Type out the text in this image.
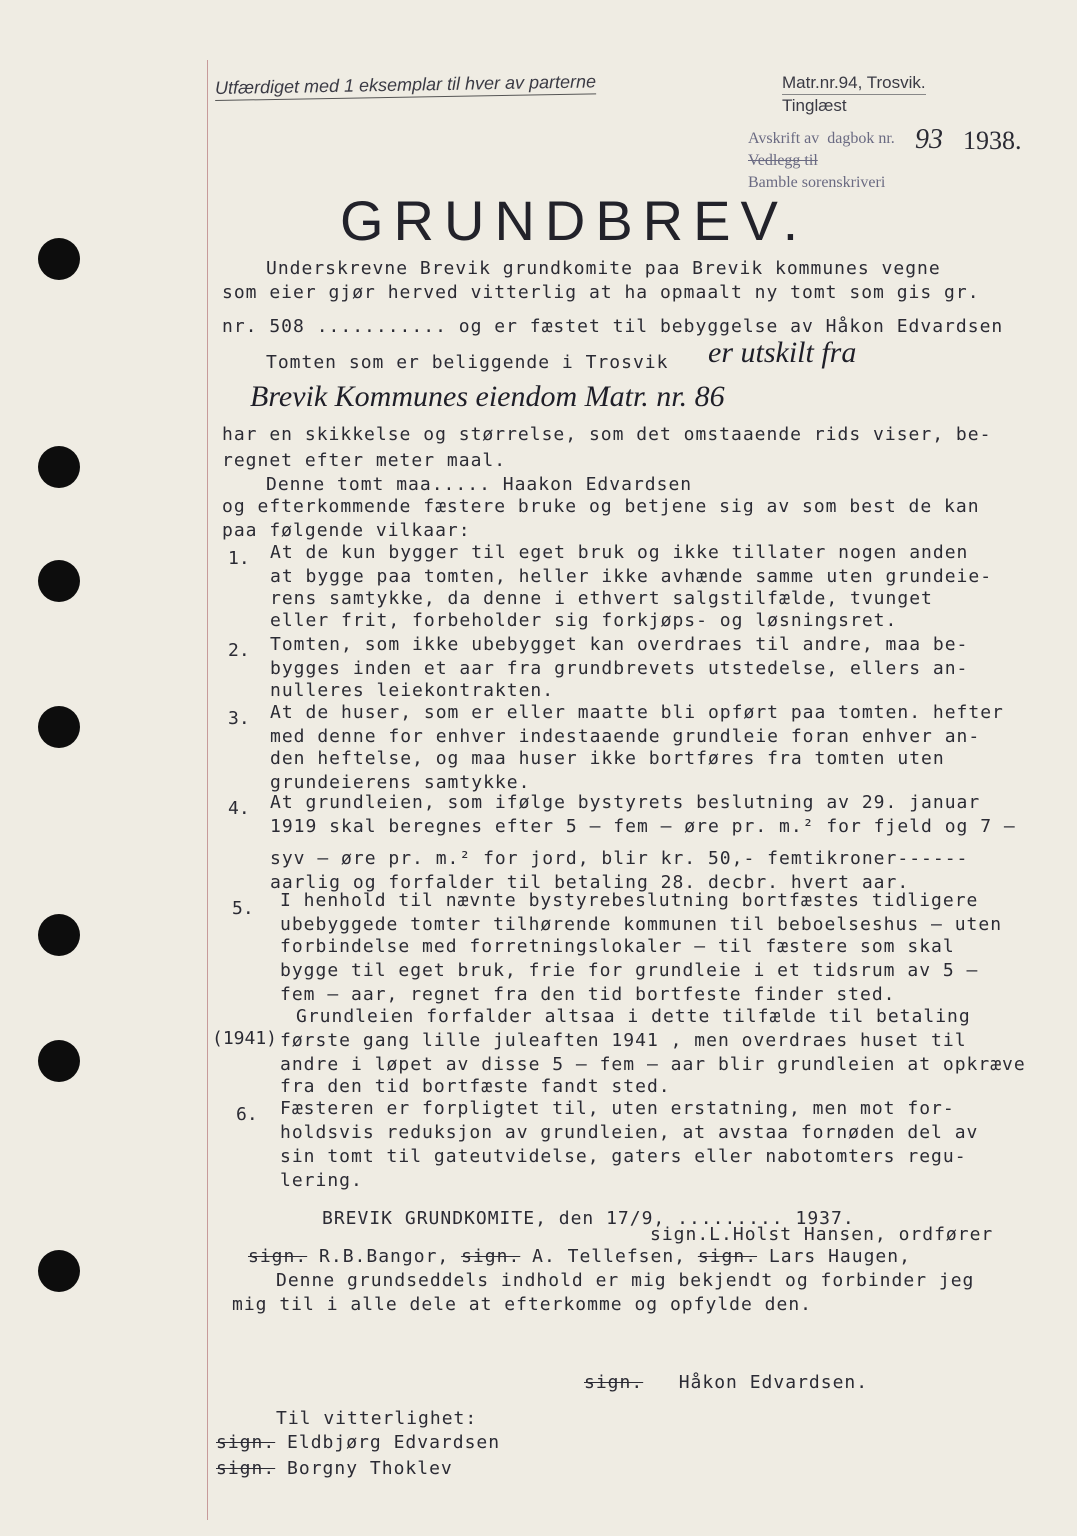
Utfærdiget med 1 eksemplar til hver av parterne	Matr.nr.94, Trosvik.
Tinglæst
Avskrift av dagbok nr.
Vedlegg til
Bamble sorenskriveri
93 1938.
GRUNDBREV.
Underskrevne Brevik grundkomite paa Brevik kommunes vegne
som eier gjør herved vitterlig at ha opmaalt ny tomt som gis gr.
nr. 508 ........... og er fæstet til bebyggelse av Håkon Edvardsen
Tomten som er beliggende i Trosvik er utskilt fra
Brevik Kommunes eiendom Matr. nr. 86
har en skikkelse og størrelse, som det omstaaende rids viser, be-
regnet efter meter maal.
Denne tomt maa..... Haakon Edvardsen
og efterkommende fæstere bruke og betjene sig av som best de kan
paa følgende vilkaar:
1. At de kun bygger til eget bruk og ikke tillater nogen anden
at bygge paa tomten, heller ikke avhænde samme uten grundeie-
rens samtykke, da denne i ethvert salgstilfælde, tvunget
eller frit, forbeholder sig forkjøps- og løsningsret.
2. Tomten, som ikke ubebygget kan overdraes til andre, maa be-
bygges inden et aar fra grundbrevets utstedelse, ellers an-
nulleres leiekontrakten.
3. At de huser, som er eller maatte bli opført paa tomten. hefter
med denne for enhver indestaaende grundleie foran enhver an-
den heftelse, og maa huser ikke bortføres fra tomten uten
grundeierens samtykke.
4. At grundleien, som ifølge bystyrets beslutning av 29. januar
1919 skal beregnes efter 5 — fem — øre pr. m.² for fjeld og 7 —
syv — øre pr. m.² for jord, blir kr. 50,- femtikroner------
aarlig og forfalder til betaling 28. decbr. hvert aar.
5. I henhold til nævnte bystyrebeslutning bortfæstes tidligere
ubebyggede tomter tilhørende kommunen til beboelseshus — uten
forbindelse med forretningslokaler — til fæstere som skal
bygge til eget bruk, frie for grundleie i et tidsrum av 5 —
fem — aar, regnet fra den tid bortfeste finder sted.
Grundleien forfalder altsaa i dette tilfælde til betaling
(1941) første gang lille juleaften 1941 , men overdraes huset til
andre i løpet av disse 5 — fem — aar blir grundleien at opkræve
fra den tid bortfæste fandt sted.
6. Fæsteren er forpligtet til, uten erstatning, men mot for-
holdsvis reduksjon av grundleien, at avstaa fornøden del av
sin tomt til gateutvidelse, gaters eller nabotomters regu-
lering.
BREVIK GRUNDKOMITE, den 17/9, ......... 1937.
sign.L.Holst Hansen, ordfører
sign. R.B.Bangor, sign. A. Tellefsen, sign. Lars Haugen,
Denne grundseddels indhold er mig bekjendt og forbinder jeg
mig til i alle dele at efterkomme og opfylde den.
sign. Håkon Edvardsen.
Til vitterlighet:
sign. Eldbjørg Edvardsen
sign. Borgny Thoklev
